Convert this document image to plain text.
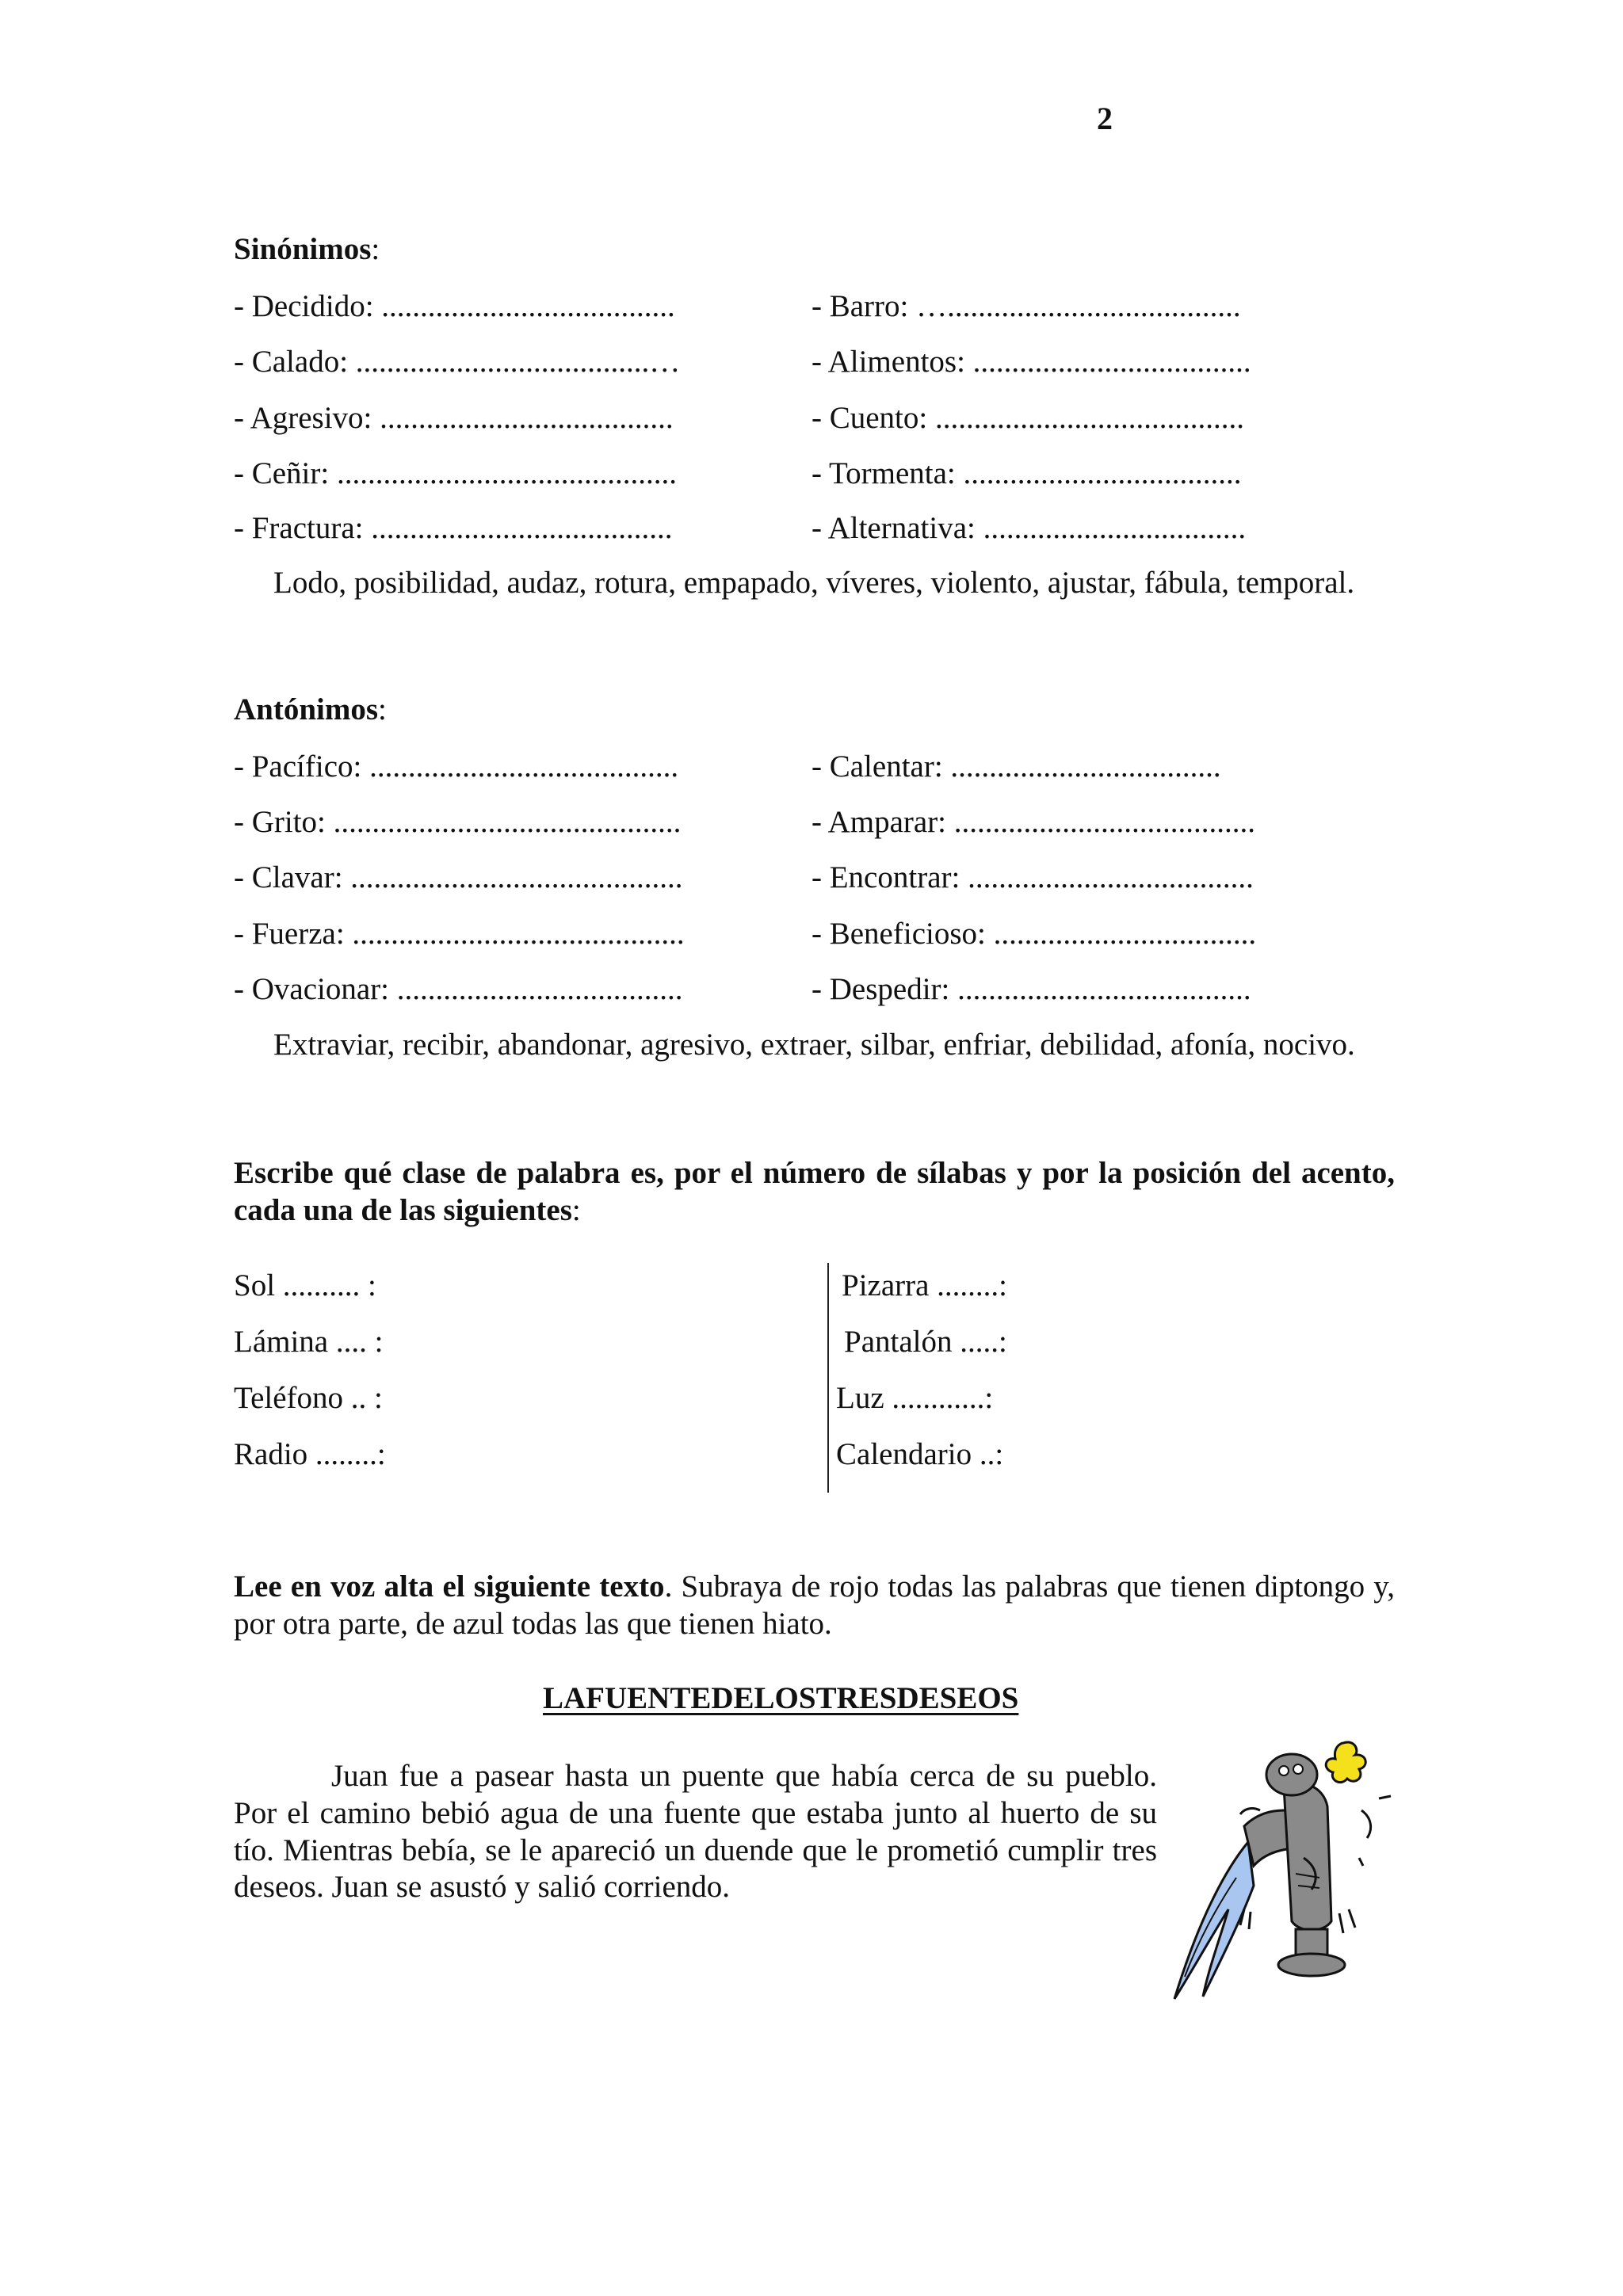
2
Sinónimos:
- Decidido: ......................................
- Calado: ......................................…
- Agresivo: ......................................
- Ceñir: ............................................
- Fractura: .......................................
- Barro: …......................................
- Alimentos: ....................................
- Cuento: ........................................
- Tormenta: ....................................
- Alternativa: ..................................
Lodo, posibilidad, audaz, rotura, empapado, víveres, violento, ajustar, fábula, temporal.
Antónimos:
- Pacífico: ........................................
- Grito: .............................................
- Clavar: ...........................................
- Fuerza: ...........................................
- Ovacionar: .....................................
- Calentar: ...................................
- Amparar: .......................................
- Encontrar: .....................................
- Beneficioso: ..................................
- Despedir: ......................................
Extraviar, recibir, abandonar, agresivo, extraer, silbar, enfriar, debilidad, afonía, nocivo.
Escribe qué clase de palabra es, por el número de sílabas y por la posición del acento, cada una de las siguientes:
Sol .......... :
Lámina .... :
Teléfono .. :
Radio ........:
Pizarra ........:
Pantalón .....:
Luz ............:
Calendario ..:
Lee en voz alta el siguiente texto. Subraya de rojo todas las palabras que tienen diptongo y, por otra parte, de azul todas las que tienen hiato.
LAFUENTEDELOSTRESDESEOS
Juan fue a pasear hasta un puente que había cerca de su pueblo. Por el camino bebió agua de una fuente que estaba junto al huerto de su tío. Mientras bebía, se le apareció un duende que le prometió cumplir tres deseos. Juan se asustó y salió corriendo.
